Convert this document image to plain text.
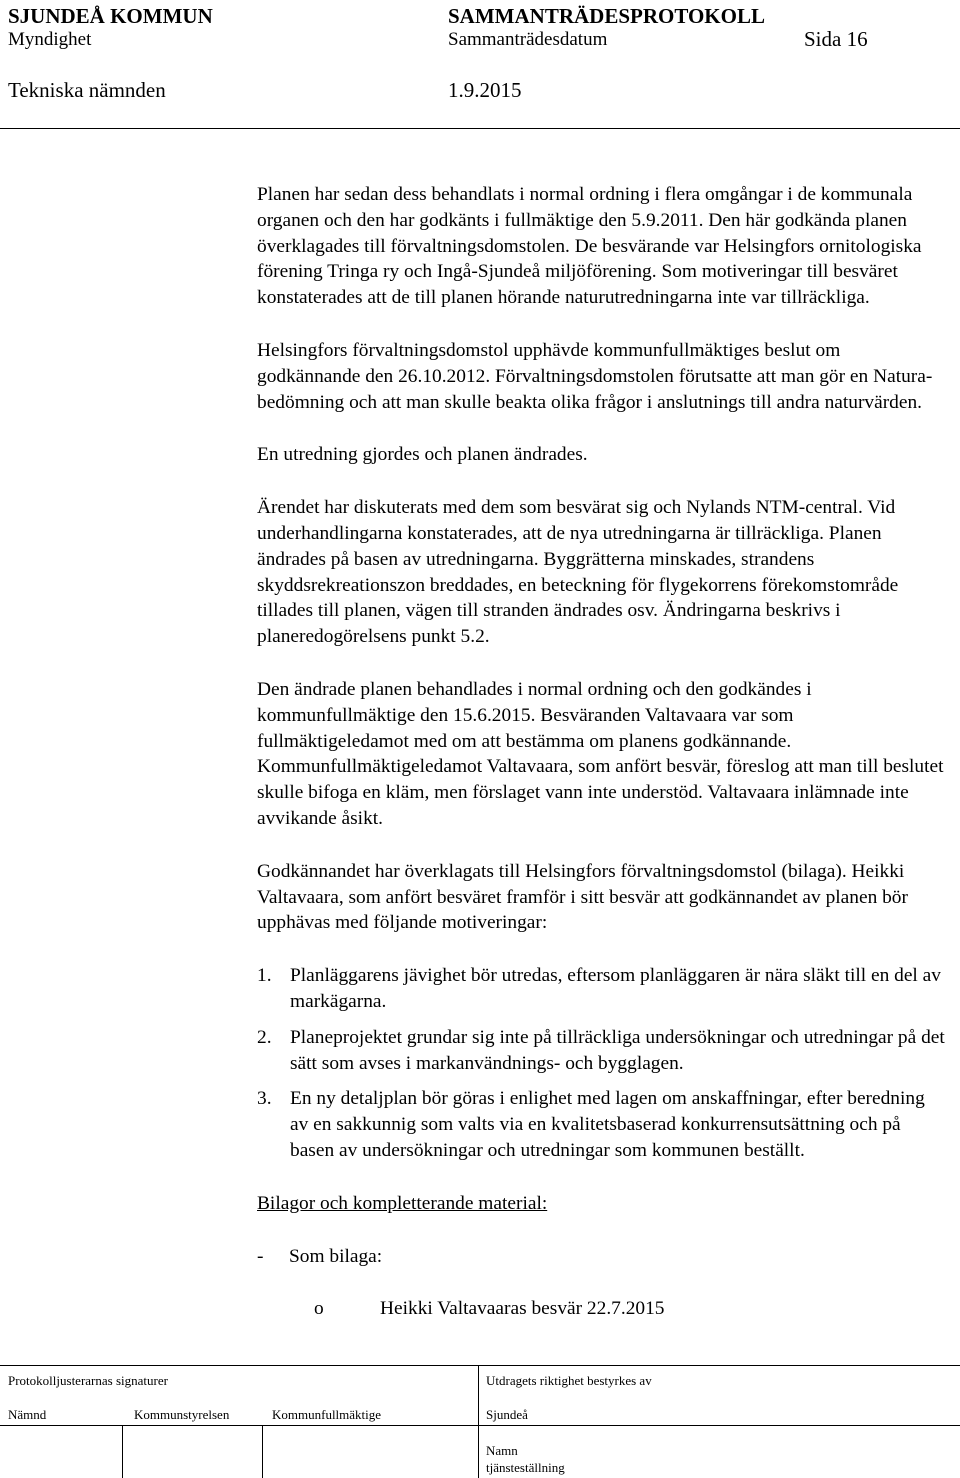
SJUNDEÅ KOMMUN	SAMMANTRÄDESPROTOKOLL
Myndighet	Sammanträdesdatum	Sida 16
Tekniska nämnden	1.9.2015

Planen har sedan dess behandlats i normal ordning i flera omgångar i de kommunala organen och den har godkänts i fullmäktige den 5.9.2011. Den här godkända planen överklagades till förvaltningsdomstolen. De besvärande var Helsingfors ornitologiska förening Tringa ry och Ingå-Sjundeå miljöförening. Som motiveringar till besväret konstaterades att de till planen hörande naturutredningarna inte var tillräckliga.

Helsingfors förvaltningsdomstol upphävde kommunfullmäktiges beslut om godkännande den 26.10.2012. Förvaltningsdomstolen förutsatte att man gör en Natura-bedömning och att man skulle beakta olika frågor i anslutnings till andra naturvärden.

En utredning gjordes och planen ändrades.

Ärendet har diskuterats med dem som besvärat sig och Nylands NTM-central. Vid underhandlingarna konstaterades, att de nya utredningarna är tillräckliga. Planen ändrades på basen av utredningarna. Byggrätterna minskades, strandens skyddsrekreationszon breddades, en beteckning för flygekorrens förekomstområde tillades till planen, vägen till stranden ändrades osv. Ändringarna beskrivs i planeredogörelsens punkt 5.2.

Den ändrade planen behandlades i normal ordning och den godkändes i kommunfullmäktige den 15.6.2015. Besväranden Valtavaara var som fullmäktigeledamot med om att bestämma om planens godkännande. Kommunfullmäktigeledamot Valtavaara, som anfört besvär, föreslog att man till beslutet skulle bifoga en kläm, men förslaget vann inte understöd. Valtavaara inlämnade inte avvikande åsikt.

Godkännandet har överklagats till Helsingfors förvaltningsdomstol (bilaga). Heikki Valtavaara, som anfört besväret framför i sitt besvär att godkännandet av planen bör upphävas med följande motiveringar:

1. Planläggarens jävighet bör utredas, eftersom planläggaren är nära släkt till en del av markägarna.
2. Planeprojektet grundar sig inte på tillräckliga undersökningar och utredningar på det sätt som avses i markanvändnings- och bygglagen.
3. En ny detaljplan bör göras i enlighet med lagen om anskaffningar, efter beredning av en sakkunnig som valts via en kvalitetsbaserad konkurrensutsättning och på basen av undersökningar och utredningar som kommunen beställt.

Bilagor och kompletterande material:

- Som bilaga:

o	Heikki Valtavaaras besvär 22.7.2015

Protokolljusterarnas signaturer	Utdragets riktighet bestyrkes av
Nämnd	Kommunstyrelsen	Kommunfullmäktige	Sjundeå
Namn
tjänsteställning
